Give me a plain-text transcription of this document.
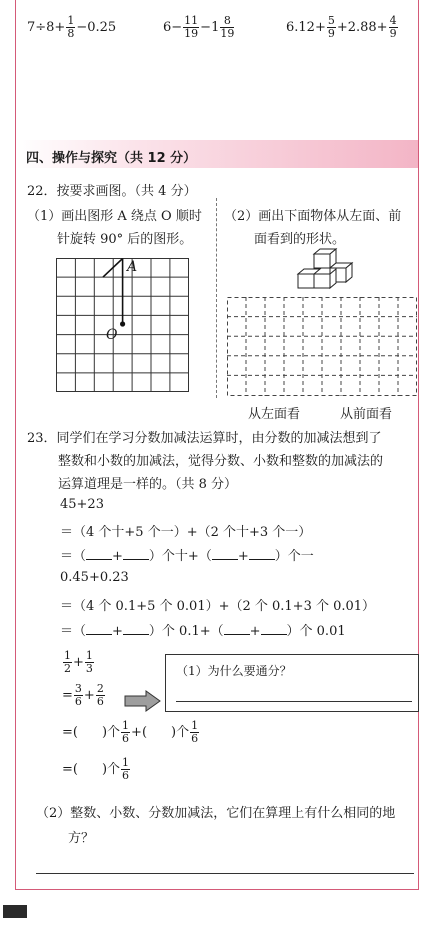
$7\div 8+ \frac{1}{8} -0.25$	$6- \frac{11}{19} -1 \frac{8}{19}$	$6.12+ \frac{5}{9} +2.88+ \frac{4}{9}$
四、操作与探究（共 12 分）
22．按要求画图。（共 4 分）
（1）画出图形 A 绕点 O 顺时
针旋转 90° 后的图形。
（2）画出下面物体从左面、前
面看到的形状。
A
O
从左面看	从前面看
23．同学们在学习分数加减法运算时，由分数的加减法想到了
整数和小数的加减法，觉得分数、小数和整数的加减法的
运算道理是一样的。（共 8 分）
45+23
＝（4 个十+5 个一）+（2 个十+3 个一）
＝（ + ）个十+（ + ）个一
0.45+0.23
＝（4 个 0.1+5 个 0.01）+（2 个 0.1+3 个 0.01）
＝（ + ）个 0.1+（ + ）个 0.01
$\frac{1}{2} + \frac{1}{3}$
= $\frac{3}{6} + \frac{2}{6}$
（1）为什么要通分？
=( )个 $\frac{1}{6}$ +( )个 $\frac{1}{6}$
=( )个 $\frac{1}{6}$
（2）整数、小数、分数加减法，它们在算理上有什么相同的地
方？
